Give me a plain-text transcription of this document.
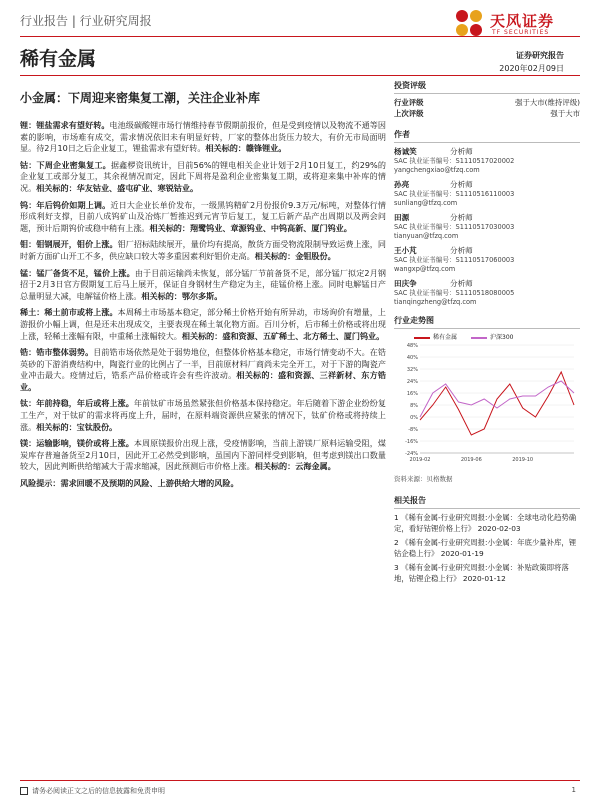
行业报告 | 行业研究周报	天风证券
TF SECURITIES
稀有金属	证券研究报告
2020年02月09日
小金属：下周迎来密集复工潮，关注企业补库

锂：锂盐需求有望好转。电池级碳酸锂市场行情维持春节假期前报价，但是受到疫情以及物流不通等因素的影响，市场难有成交，需求情况依旧未有明显好转，厂家的整体出货压力较大，有价无市局面明显。待2月10日之后企业复工，锂盐需求有望好转。相关标的：赣锋锂业。

钴：下周企业密集复工。据鑫椤资讯统计，目前56%的锂电相关企业计划于2月10日复工，约29%的企业复工或部分复工，其余视情况而定，因此下周将是盈利企业密集复工期，或将迎来集中补库的情况。相关标的：华友钴业、盛屯矿业、寒锐钴业。

钨：年后钨价如期上调。近日大企业长单价发布，一级黑钨精矿2月份报价9.3万元/标吨，对整体行情形成利好支撑，目前八成钨矿山及冶炼厂暂推迟到元宵节后复工，复工后新产品产出周期以及两会问题，预计后期钨价或稳中稍有上涨。相关标的：翔鹭钨业、章源钨业、中钨高新、厦门钨业。

钼：钼钢展开，钼价上涨。钼厂招标陆续展开，量价均有提高，散货方面受物流限制导致运费上涨，同时新方面矿山开工不多，供应缺口较大等多重因素利好钼价走高。相关标的：金钼股份。

锰：锰厂备货不足，锰价上涨。由于目前运输尚未恢复，部分锰厂节前备货不足，部分锰厂拟定2月钢招于2月3日官方假期复工后马上展开，保证自身钢材生产稳定为主，硅锰价格上涨。同时电解锰日产总量明显大减，电解锰价格上涨。相关标的：鄂尔多斯。

稀土：稀土前市或将上涨。本周稀土市场基本稳定，部分稀土价格开始有所异动，市场询价有增量，上游报价小幅上调，但是还未出现成交，主要表现在稀土氧化物方面。百川分析，后市稀土价格或将出现上涨，轻稀土涨幅有限，中重稀土涨幅较大。相关标的：盛和资源、五矿稀土、北方稀土、厦门钨业。

锆：锆市整体弱势。目前锆市场依然是处于弱势地位，但整体价格基本稳定，市场行情变动不大。在锆英砂的下游消费结构中，陶瓷行业的比例占了一半，目前原材料厂商尚未完全开工，对于下游的陶瓷产业冲击最大。疫情过后，锆系产品价格或许会有些许波动。相关标的：盛和资源、三祥新材、东方锆业。

钛：年前持稳，年后或将上涨。年前钛矿市场虽然紧张但价格基本保持稳定。年后随着下游企业纷纷复工生产，对于钛矿的需求将再度上升，届时，在原料端资源供应紧张的情况下，钛矿价格或将持续上涨。相关标的：宝钛股份。

镁：运输影响，镁价或将上涨。本周原镁报价出现上涨，受疫情影响，当前上游镁厂原料运输受阻，煤炭库存普遍备货至2月10日，因此开工必然受到影响，虽国内下游同样受到影响，但考虑到镁出口数量较大，因此判断供给缩减大于需求缩减，因此预测后市价格上涨。相关标的：云海金属。

风险提示：需求回暖不及预期的风险、上游供给大增的风险。

投资评级
行业评级	强于大市(维持评级)
上次评级	强于大市
作者
杨诚笑	分析师
SAC 执业证书编号：S1110517020002
yangchengxiao@tfzq.com
孙亮	分析师
SAC 执业证书编号：S1110516110003
sunliang@tfzq.com
田源	分析师
SAC 执业证书编号：S1110517030003
tianyuan@tfzq.com
王小芃	分析师
SAC 执业证书编号：S1110517060003
wangxp@tfzq.com
田庆争	分析师
SAC 执业证书编号：S1110518080005
tianqingzheng@tfzq.com
行业走势图
稀有金属	沪深300
48%
40%
32%
24%
16%
8%
0%
-8%
-16%
-24%
2019-02	2019-06	2019-10
资料来源：贝格数据
相关报告
1 《稀有金属-行业研究周报:小金属：全球电动化趋势确定，看好钴锂价格上行》 2020-02-03
2 《稀有金属-行业研究周报:小金属：年底少量补库，锂钴企稳上行》 2020-01-19
3 《稀有金属-行业研究周报:小金属：补贴政策即将落地，钴锂企稳上行》 2020-01-12
请务必阅读正文之后的信息披露和免责申明	1
